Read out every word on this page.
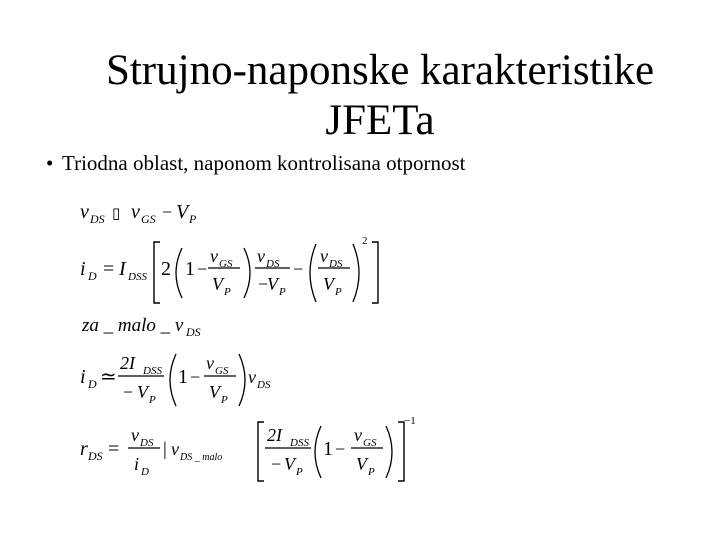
Strujno-naponske karakteristike
JFETa
• Triodna oblast, naponom kontrolisana otpornost
v DS ▯ v GS − V P
i D = I DSS 2 1 −
v GS
V P
v DS
−
V P
−
v DS
V P
2
za _ malo _ v DS
i D ≃
2I DSS
− V P
1 −
v GS
V P
v DS
r DS =
v DS
i D
| v DS _ malo
2I DSS
− V P
1 −
v GS
V P
−1
